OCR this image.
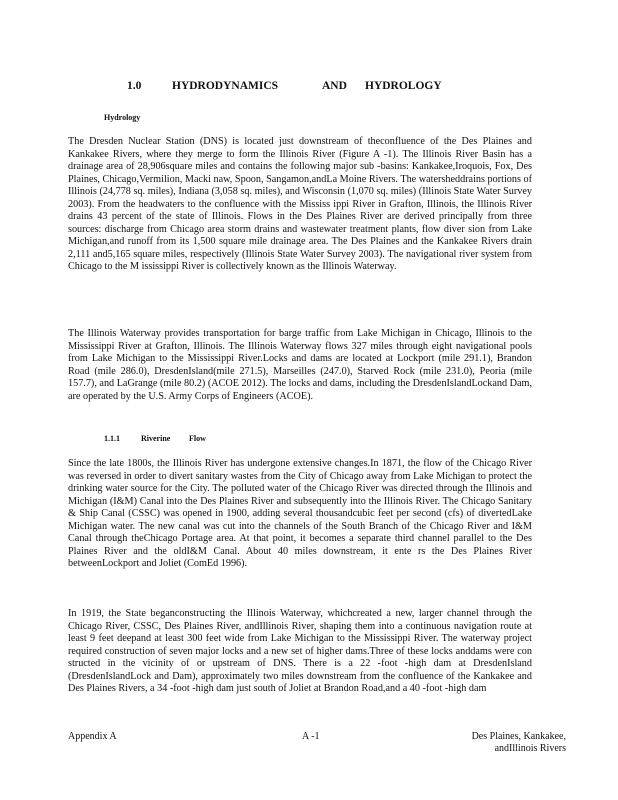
1.0	HYDRODYNAMICS	AND HYDROLOGY
Hydrology

The Dresden Nuclear Station (DNS) is located just downstream of theconfluence of the Des Plaines and Kankakee Rivers, where they merge to form the Illinois River (Figure A -1). The Illinois River Basin has a drainage area of 28,906square miles and contains the following major sub -basins: Kankakee,Iroquois, Fox, Des Plaines, Chicago,Vermilion, Macki naw, Spoon, Sangamon,andLa Moine Rivers. The watersheddrains portions of Illinois (24,778 sq. miles), Indiana (3,058 sq. miles), and Wisconsin (1,070 sq. miles) (Illinois State Water Survey 2003). From the headwaters to the confluence with the Mississ ippi River in Grafton, Illinois, the Illinois River drains 43 percent of the state of Illinois. Flows in the Des Plaines River are derived principally from three sources: discharge from Chicago area storm drains and wastewater treatment plants, flow diver sion from Lake Michigan,and runoff from its 1,500 square mile drainage area. The Des Plaines and the Kankakee Rivers drain 2,111 and5,165 square miles, respectively (Illinois State Water Survey 2003). The navigational river system from Chicago to the M ississippi River is collectively known as the Illinois Waterway.

The Illinois Waterway provides transportation for barge traffic from Lake Michigan in Chicago, Illinois to the Mississippi River at Grafton, Illinois. The Illinois Waterway flows 327 miles through eight navigational pools from Lake Michigan to the Mississippi River.Locks and dams are located at Lockport (mile 291.1), Brandon Road (mile 286.0), DresdenIsland(mile 271.5), Marseilles (247.0), Starved Rock (mile 231.0), Peoria (mile 157.7), and LaGrange (mile 80.2) (ACOE 2012). The locks and dams, including the DresdenIslandLockand Dam, are operated by the U.S. Army Corps of Engineers (ACOE).

1.1.1	Riverine Flow

Since the late 1800s, the Illinois River has undergone extensive changes.In 1871, the flow of the Chicago River was reversed in order to divert sanitary wastes from the City of Chicago away from Lake Michigan to protect the drinking water source for the City. The polluted water of the Chicago River was directed through the Illinois and Michigan (I&M) Canal into the Des Plaines River and subsequently into the Illinois River. The Chicago Sanitary & Ship Canal (CSSC) was opened in 1900, adding several thousandcubic feet per second (cfs) of divertedLake Michigan water. The new canal was cut into the channels of the South Branch of the Chicago River and I&M Canal through theChicago Portage area. At that point, it becomes a separate third channel parallel to the Des Plaines River and the oldI&M Canal. About 40 miles downstream, it ente rs the Des Plaines River betweenLockport and Joliet (ComEd 1996).

In 1919, the State beganconstructing the Illinois Waterway, whichcreated a new, larger channel through the Chicago River, CSSC, Des Plaines River, andIllinois River, shaping them into a continuous navigation route at least 9 feet deepand at least 300 feet wide from Lake Michigan to the Mississippi River. The waterway project required construction of seven major locks and a new set of higher dams.Three of these locks anddams were con structed in the vicinity of or upstream of DNS. There is a 22 -foot -high dam at DresdenIsland (DresdenIslandLock and Dam), approximately two miles downstream from the confluence of the Kankakee and Des Plaines Rivers, a 34 -foot -high dam just south of Joliet at Brandon Road,and a 40 -foot -high dam

Appendix A	A -1	Des Plaines, Kankakee,
andIllinois Rivers
